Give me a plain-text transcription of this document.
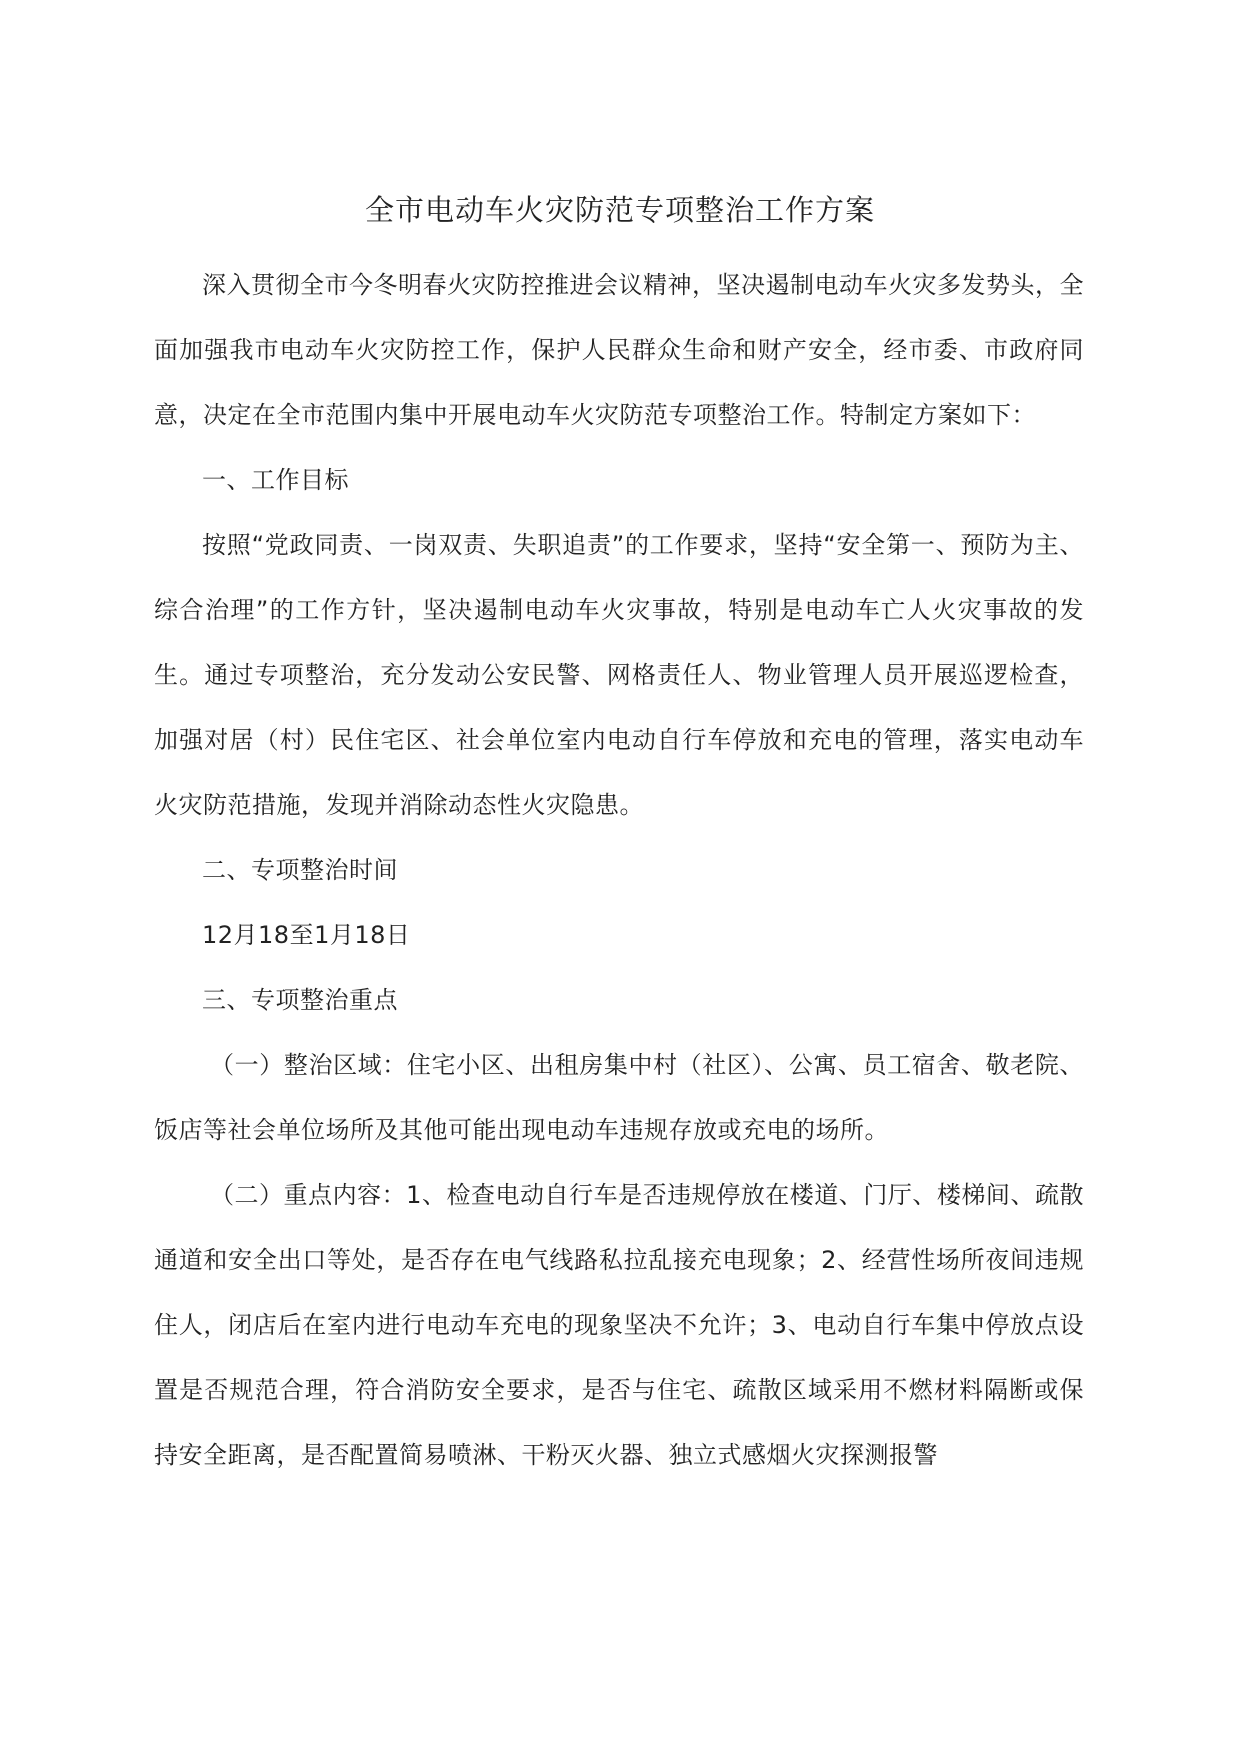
全市电动车火灾防范专项整治工作方案

深入贯彻全市今冬明春火灾防控推进会议精神，坚决遏制电动车火灾多发势头，全面加强我市电动车火灾防控工作，保护人民群众生命和财产安全，经市委、市政府同意，决定在全市范围内集中开展电动车火灾防范专项整治工作。特制定方案如下：

一、工作目标

按照“党政同责、一岗双责、失职追责”的工作要求，坚持“安全第一、预防为主、综合治理”的工作方针，坚决遏制电动车火灾事故，特别是电动车亡人火灾事故的发生。通过专项整治，充分发动公安民警、网格责任人、物业管理人员开展巡逻检查，加强对居（村）民住宅区、社会单位室内电动自行车停放和充电的管理，落实电动车火灾防范措施，发现并消除动态性火灾隐患。

二、专项整治时间

12月18至1月18日

三、专项整治重点

（一）整治区域：住宅小区、出租房集中村（社区）、公寓、员工宿舍、敬老院、饭店等社会单位场所及其他可能出现电动车违规存放或充电的场所。

（二）重点内容：1、检查电动自行车是否违规停放在楼道、门厅、楼梯间、疏散通道和安全出口等处，是否存在电气线路私拉乱接充电现象；2、经营性场所夜间违规住人，闭店后在室内进行电动车充电的现象坚决不允许；3、电动自行车集中停放点设置是否规范合理，符合消防安全要求，是否与住宅、疏散区域采用不燃材料隔断或保持安全距离，是否配置简易喷淋、干粉灭火器、独立式感烟火灾探测报警
